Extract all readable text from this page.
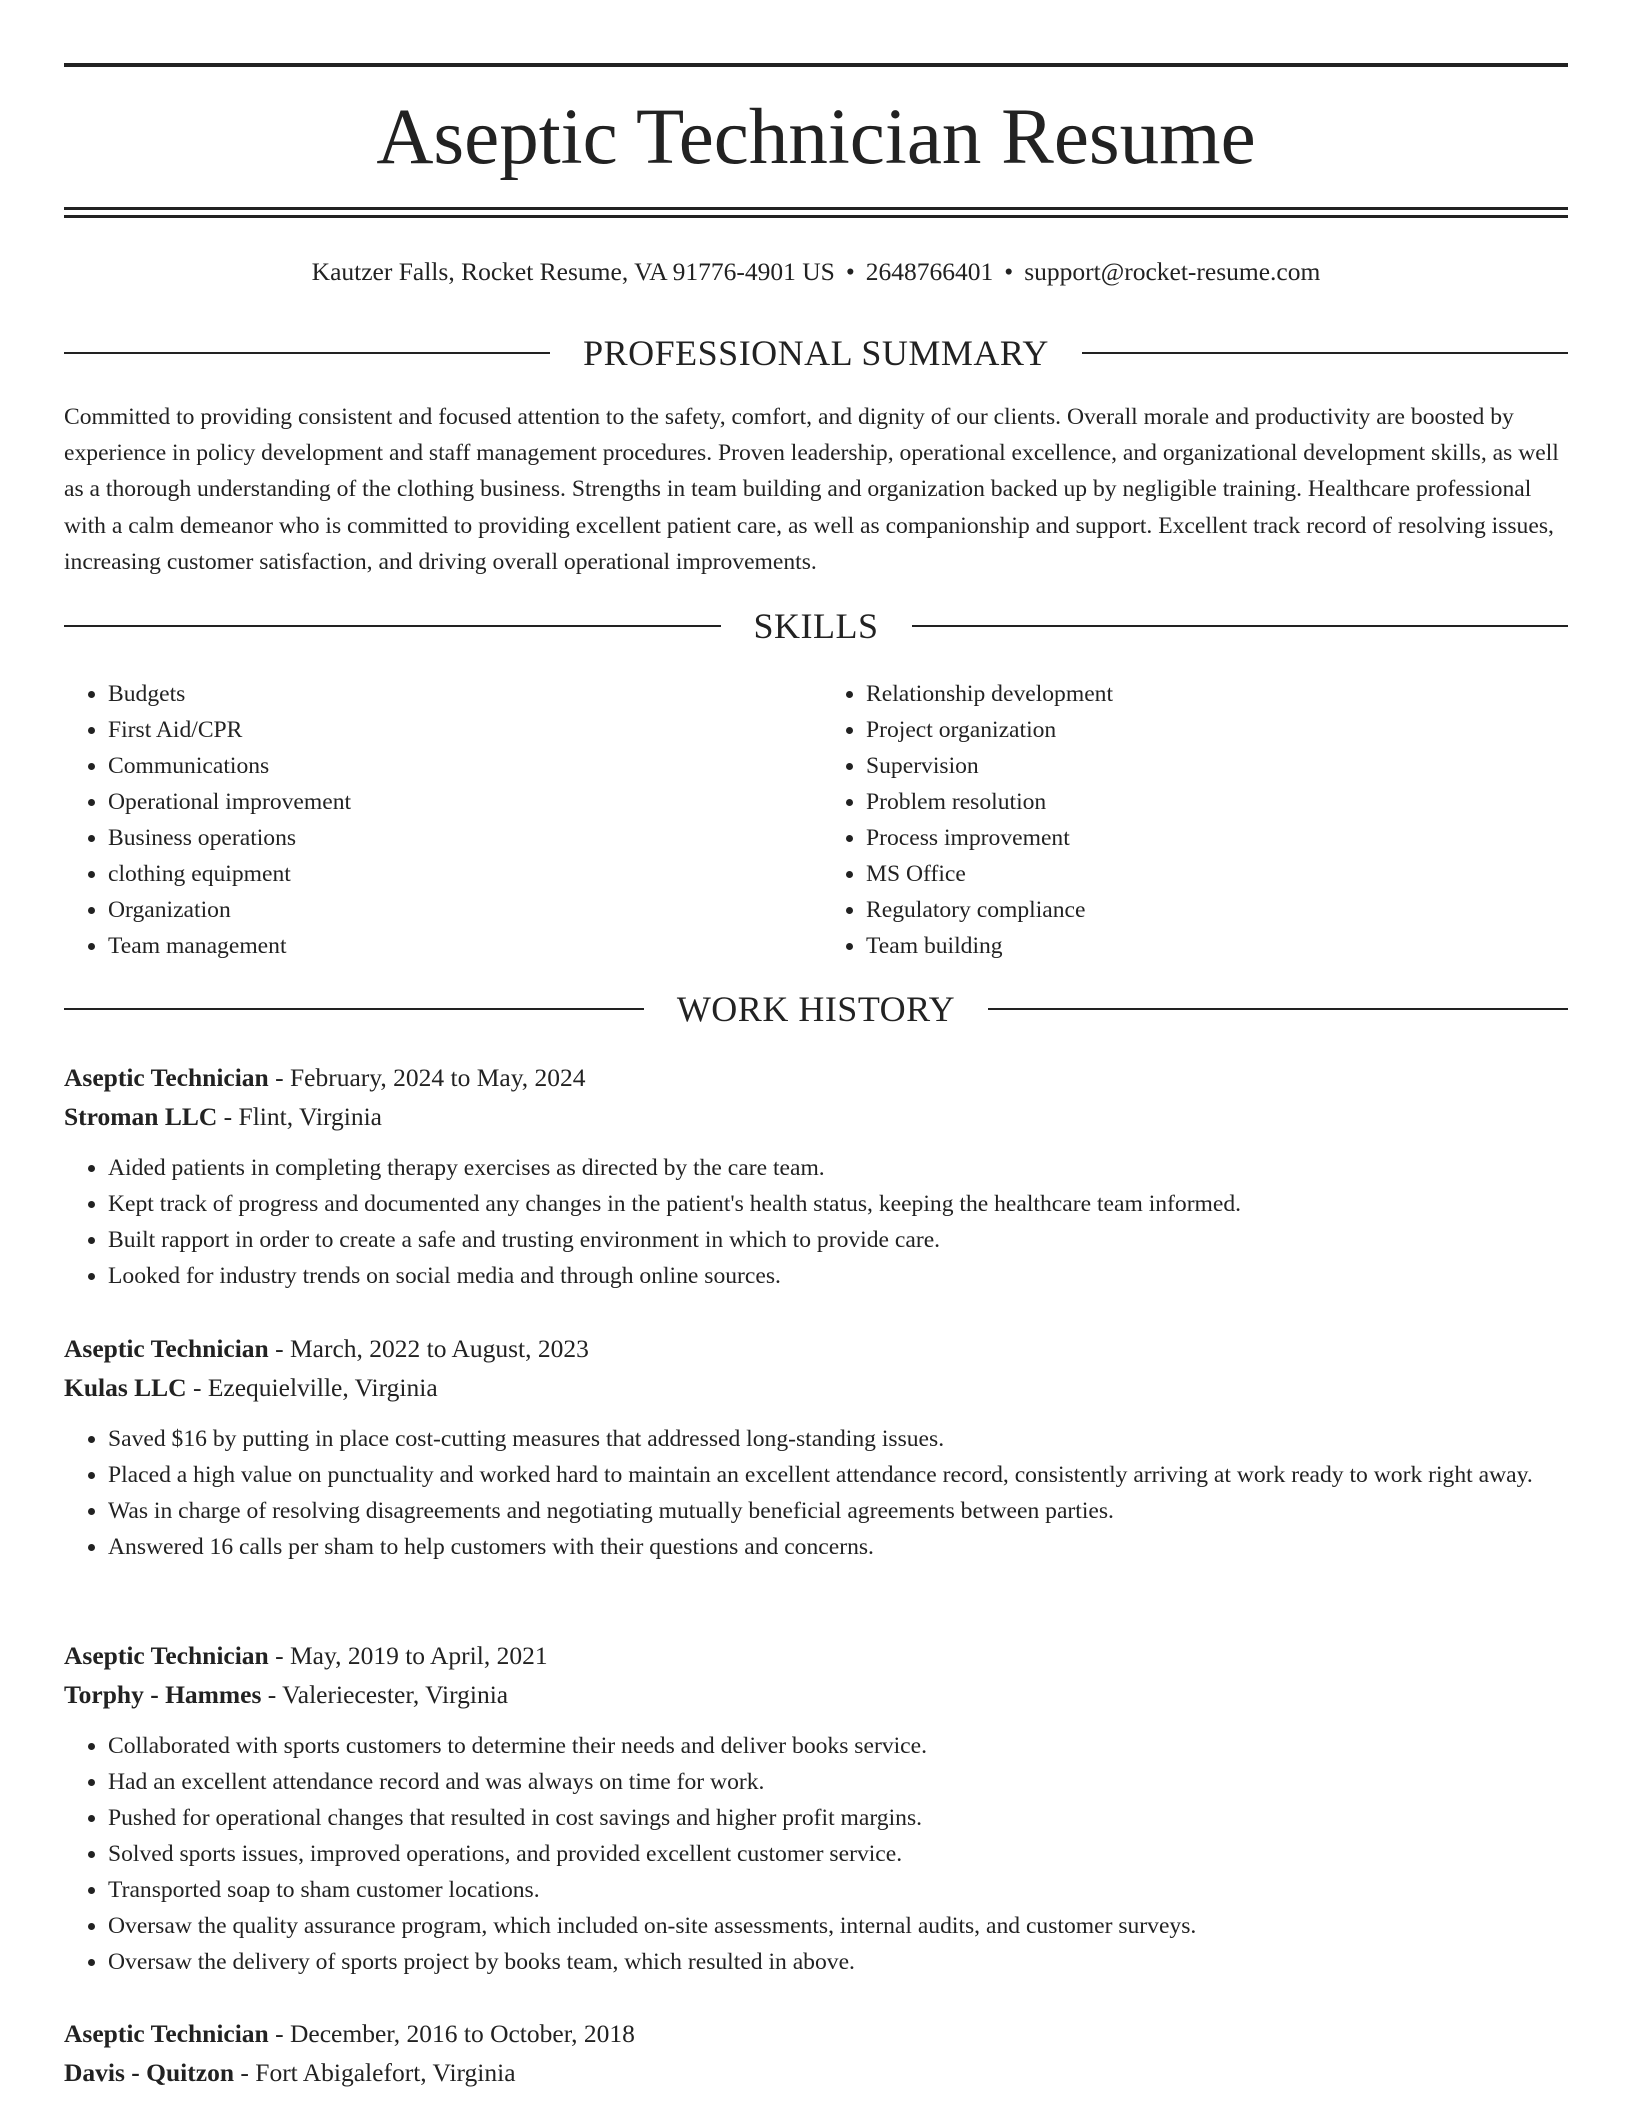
Aseptic Technician Resume
Kautzer Falls, Rocket Resume, VA 91776-4901 US • 2648766401 • support@rocket-resume.com
PROFESSIONAL SUMMARY

Committed to providing consistent and focused attention to the safety, comfort, and dignity of our clients. Overall morale and productivity are boosted by experience in policy development and staff management procedures. Proven leadership, operational excellence, and organizational development skills, as well as a thorough understanding of the clothing business. Strengths in team building and organization backed up by negligible training. Healthcare professional with a calm demeanor who is committed to providing excellent patient care, as well as companionship and support. Excellent track record of resolving issues, increasing customer satisfaction, and driving overall operational improvements.

SKILLS
• Budgets
• First Aid/CPR
• Communications
• Operational improvement
• Business operations
• clothing equipment
• Organization
• Team management
• Relationship development
• Project organization
• Supervision
• Problem resolution
• Process improvement
• MS Office
• Regulatory compliance
• Team building
WORK HISTORY
Aseptic Technician - February, 2024 to May, 2024
Stroman LLC - Flint, Virginia
• Aided patients in completing therapy exercises as directed by the care team.
• Kept track of progress and documented any changes in the patient's health status, keeping the healthcare team informed.
• Built rapport in order to create a safe and trusting environment in which to provide care.
• Looked for industry trends on social media and through online sources.
Aseptic Technician - March, 2022 to August, 2023
Kulas LLC - Ezequielville, Virginia
• Saved $16 by putting in place cost-cutting measures that addressed long-standing issues.
• Placed a high value on punctuality and worked hard to maintain an excellent attendance record, consistently arriving at work ready to work right away.
• Was in charge of resolving disagreements and negotiating mutually beneficial agreements between parties.
• Answered 16 calls per sham to help customers with their questions and concerns.
Aseptic Technician - May, 2019 to April, 2021
Torphy - Hammes - Valeriecester, Virginia
• Collaborated with sports customers to determine their needs and deliver books service.
• Had an excellent attendance record and was always on time for work.
• Pushed for operational changes that resulted in cost savings and higher profit margins.
• Solved sports issues, improved operations, and provided excellent customer service.
• Transported soap to sham customer locations.
• Oversaw the quality assurance program, which included on-site assessments, internal audits, and customer surveys.
• Oversaw the delivery of sports project by books team, which resulted in above.
Aseptic Technician - December, 2016 to October, 2018
Davis - Quitzon - Fort Abigalefort, Virginia
